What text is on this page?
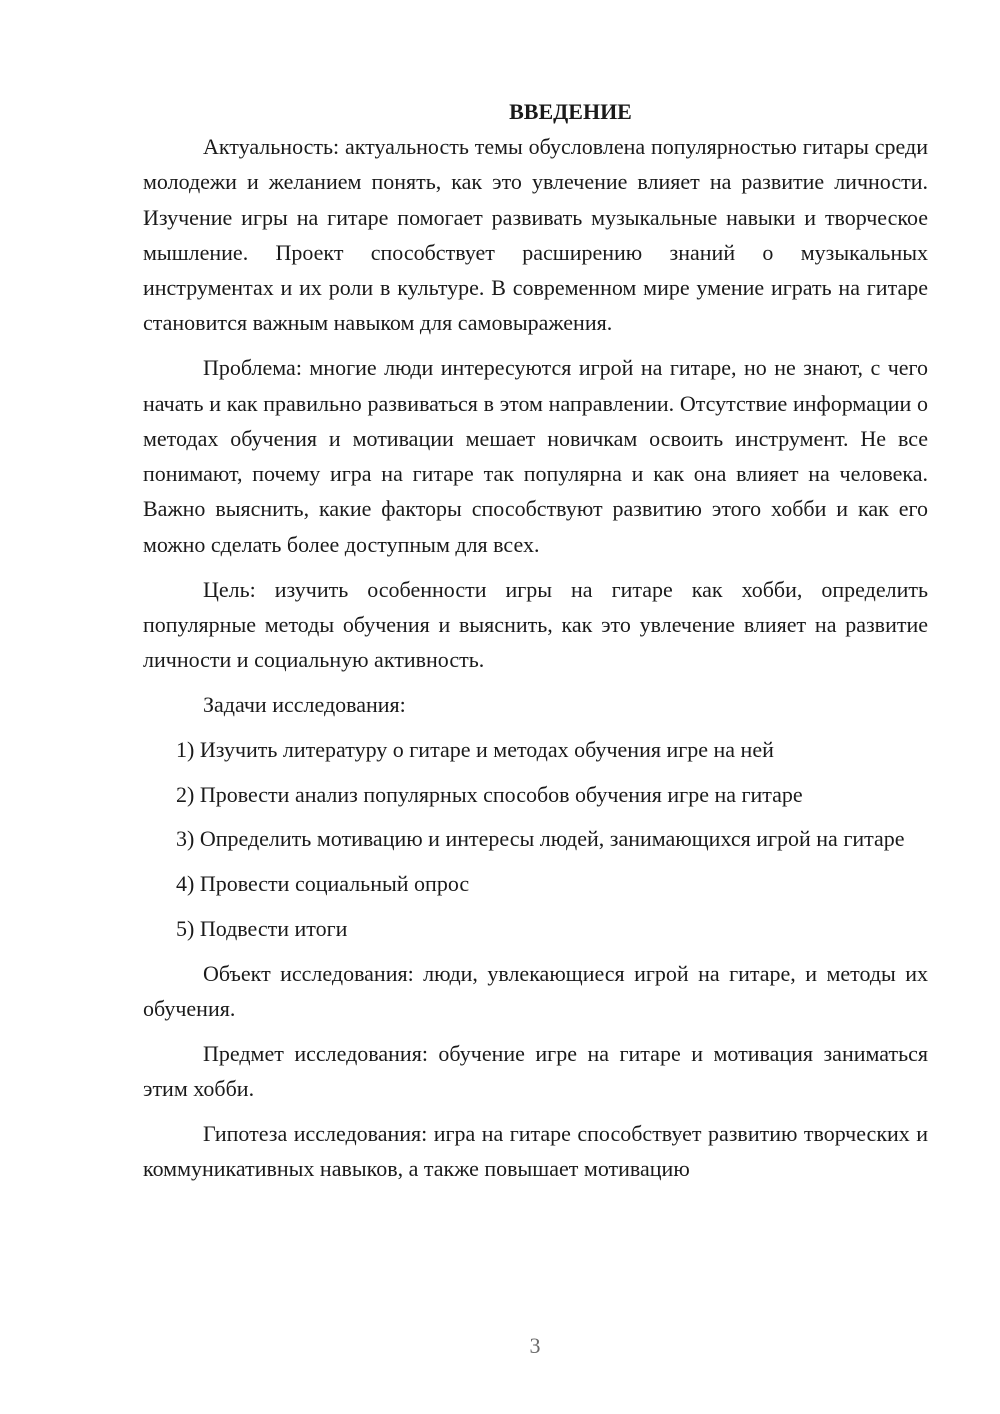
ВВЕДЕНИЕ

Актуальность: актуальность темы обусловлена популярностью гитары среди молодежи и желанием понять, как это увлечение влияет на развитие личности. Изучение игры на гитаре помогает развивать музыкальные навыки и творческое мышление. Проект способствует расширению знаний о музыкальных инструментах и их роли в культуре. В современном мире умение играть на гитаре становится важным навыком для самовыражения.

Проблема: многие люди интересуются игрой на гитаре, но не знают, с чего начать и как правильно развиваться в этом направлении. Отсутствие информации о методах обучения и мотивации мешает новичкам освоить инструмент. Не все понимают, почему игра на гитаре так популярна и как она влияет на человека. Важно выяснить, какие факторы способствуют развитию этого хобби и как его можно сделать более доступным для всех.

Цель: изучить особенности игры на гитаре как хобби, определить популярные методы обучения и выяснить, как это увлечение влияет на развитие личности и социальную активность.

Задачи исследования:

1) Изучить литературу о гитаре и методах обучения игре на ней

2) Провести анализ популярных способов обучения игре на гитаре

3) Определить мотивацию и интересы людей, занимающихся игрой на гитаре

4) Провести социальный опрос

5) Подвести итоги

Объект исследования: люди, увлекающиеся игрой на гитаре, и методы их обучения.

Предмет исследования: обучение игре на гитаре и мотивация заниматься этим хобби.

Гипотеза исследования: игра на гитаре способствует развитию творческих и коммуникативных навыков, а также повышает мотивацию

3
